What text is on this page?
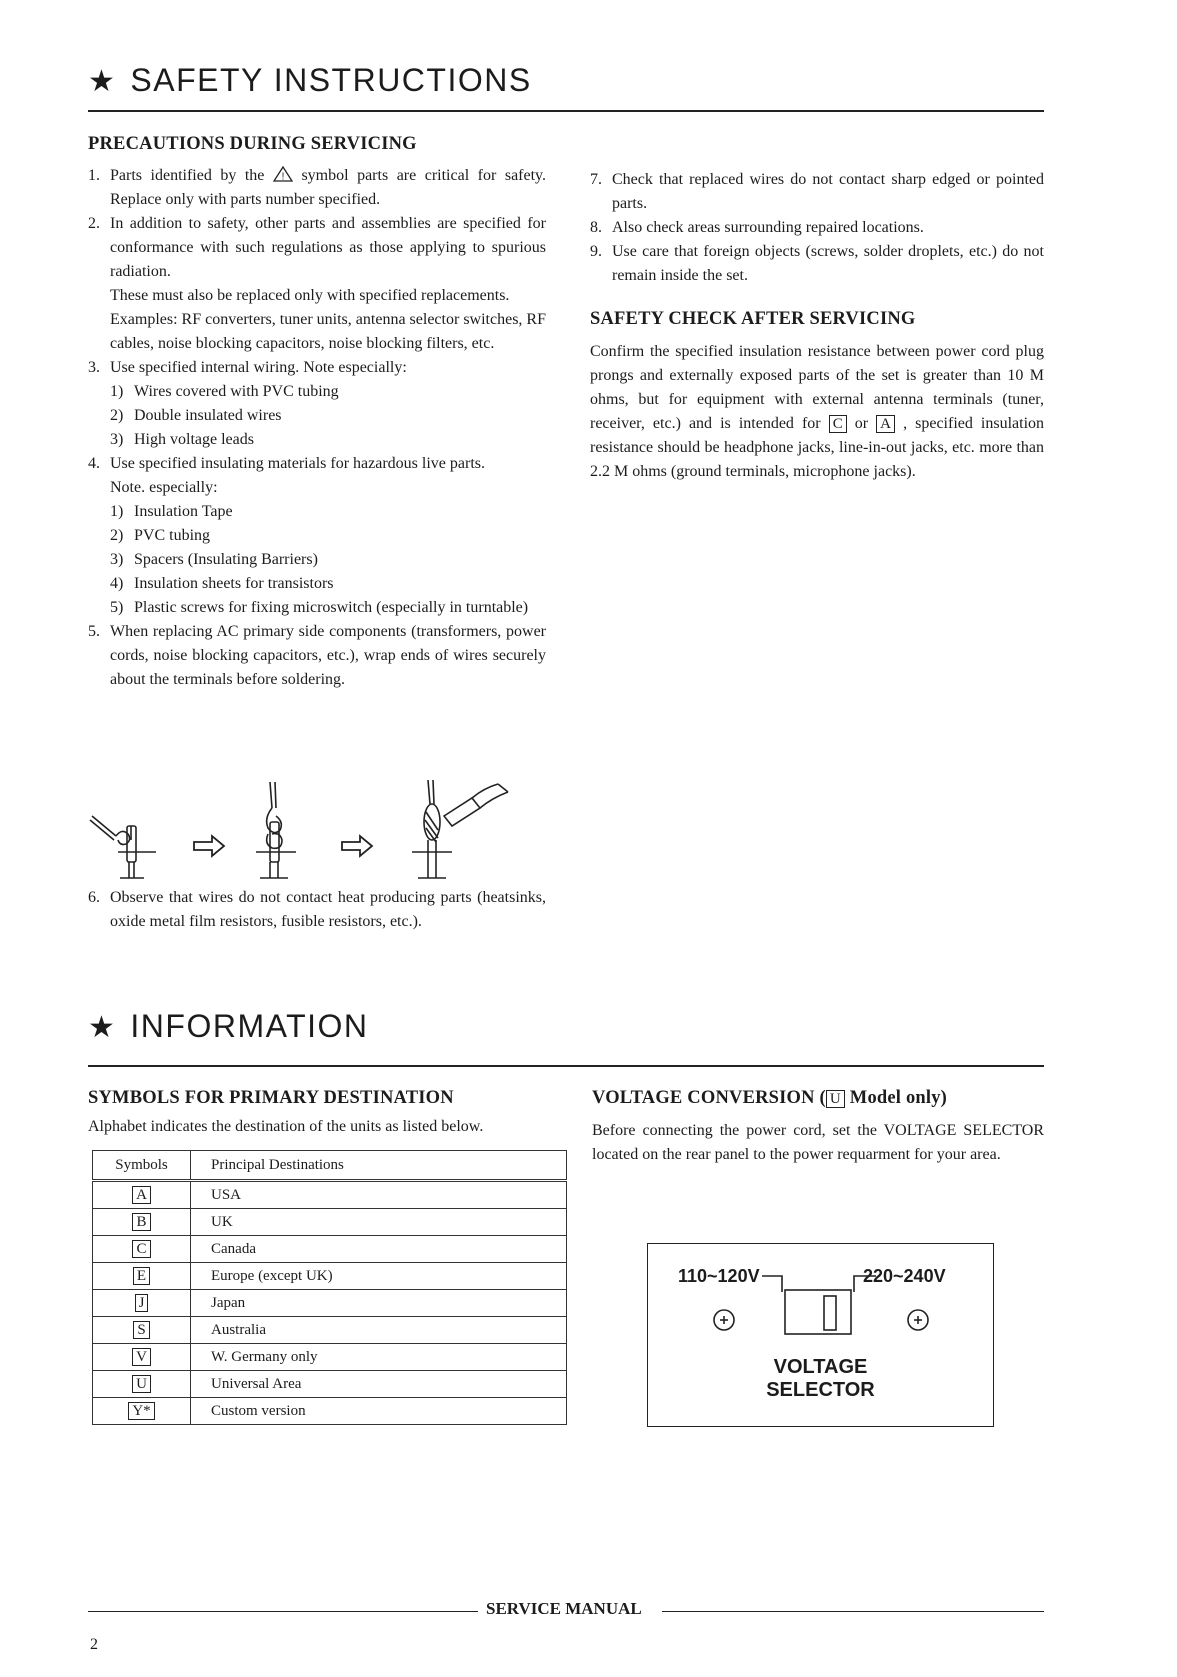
★ SAFETY INSTRUCTIONS
PRECAUTIONS DURING SERVICING
1. Parts identified by the ! symbol parts are critical for safety. Replace only with parts number specified.
2. In addition to safety, other parts and assemblies are specified for conformance with such regulations as those applying to spurious radiation.

These must also be replaced only with specified replacements.

Examples: RF converters, tuner units, antenna selector switches, RF cables, noise blocking capacitors, noise blocking filters, etc.

3. Use specified internal wiring. Note especially:

1) Wires covered with PVC tubing
2) Double insulated wires
3) High voltage leads
4. Use specified insulating materials for hazardous live parts.

Note. especially:

1) Insulation Tape
2) PVC tubing
3) Spacers (Insulating Barriers)
4) Insulation sheets for transistors
5) Plastic screws for fixing microswitch (especially in turntable)
5. When replacing AC primary side components (transformers, power cords, noise blocking capacitors, etc.), wrap ends of wires securely about the terminals before soldering.

6. Observe that wires do not contact heat producing parts (heatsinks, oxide metal film resistors, fusible resistors, etc.).

7. Check that replaced wires do not contact sharp edged or pointed parts.

8. Also check areas surrounding repaired locations.

9. Use care that foreign objects (screws, solder droplets, etc.) do not remain inside the set.

SAFETY CHECK AFTER SERVICING
Confirm the specified insulation resistance between power cord plug prongs and externally exposed parts of the set is greater than 10 M ohms, but for equipment with external antenna terminals (tuner, receiver, etc.) and is intended for C or A , specified insulation resistance should be headphone jacks, line-in-out jacks, etc. more than 2.2 M ohms (ground terminals, microphone jacks).
★ INFORMATION
SYMBOLS FOR PRIMARY DESTINATION
Alphabet indicates the destination of the units as listed below.
Symbols	Principal Destinations
A	USA
B	UK
C	Canada
E	Europe (except UK)
J	Japan
S	Australia
V	W. Germany only
U	Universal Area
Y*	Custom version
VOLTAGE CONVERSION ( U Model only)
Before connecting the power cord, set the VOLTAGE SELECTOR located on the rear panel to the power requarment for your area.
110~120V	220~240V
VOLTAGE
SELECTOR
SERVICE MANUAL
2
